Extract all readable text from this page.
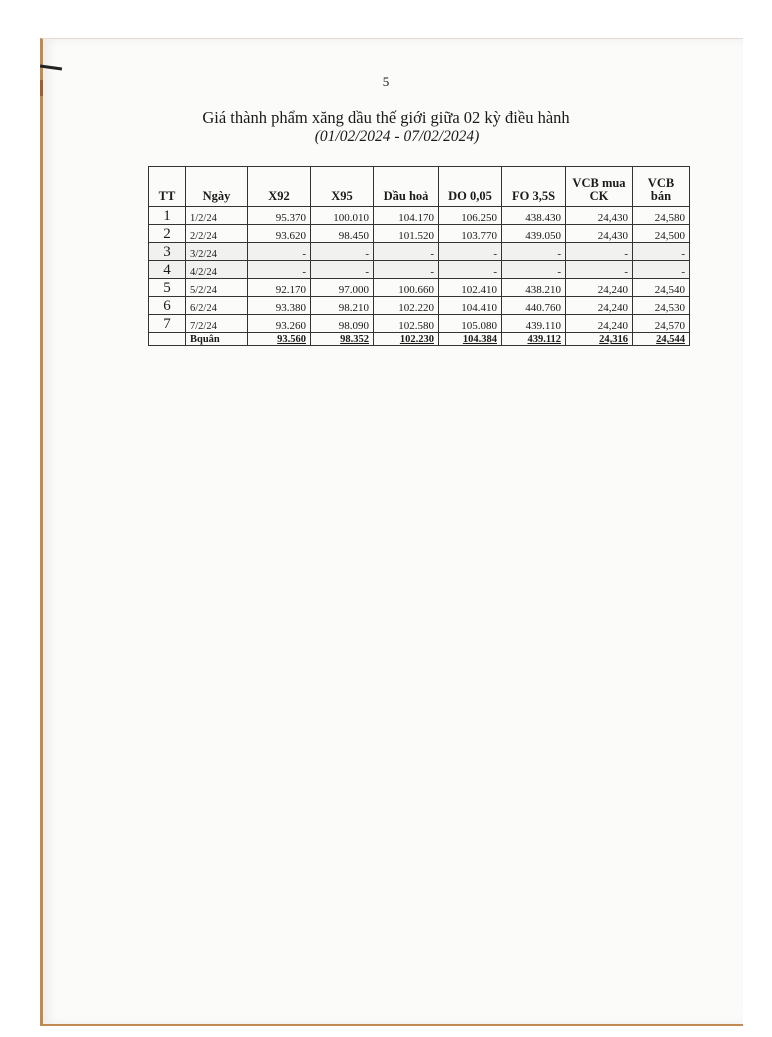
5
Giá thành phẩm xăng dầu thế giới giữa 02 kỳ điều hành
(01/02/2024 - 07/02/2024)
TT	Ngày	X92	X95	Dầu hoả	DO 0,05	FO 3,5S	VCB mua CK	VCB bán
1	1/2/24	95.370	100.010	104.170	106.250	438.430	24,430	24,580
2	2/2/24	93.620	98.450	101.520	103.770	439.050	24,430	24,500
3	3/2/24	-	-	-	-	-	-	-
4	4/2/24	-	-	-	-	-	-	-
5	5/2/24	92.170	97.000	100.660	102.410	438.210	24,240	24,540
6	6/2/24	93.380	98.210	102.220	104.410	440.760	24,240	24,530
7	7/2/24	93.260	98.090	102.580	105.080	439.110	24,240	24,570
	Bquân	93.560	98.352	102.230	104.384	439.112	24,316	24,544
